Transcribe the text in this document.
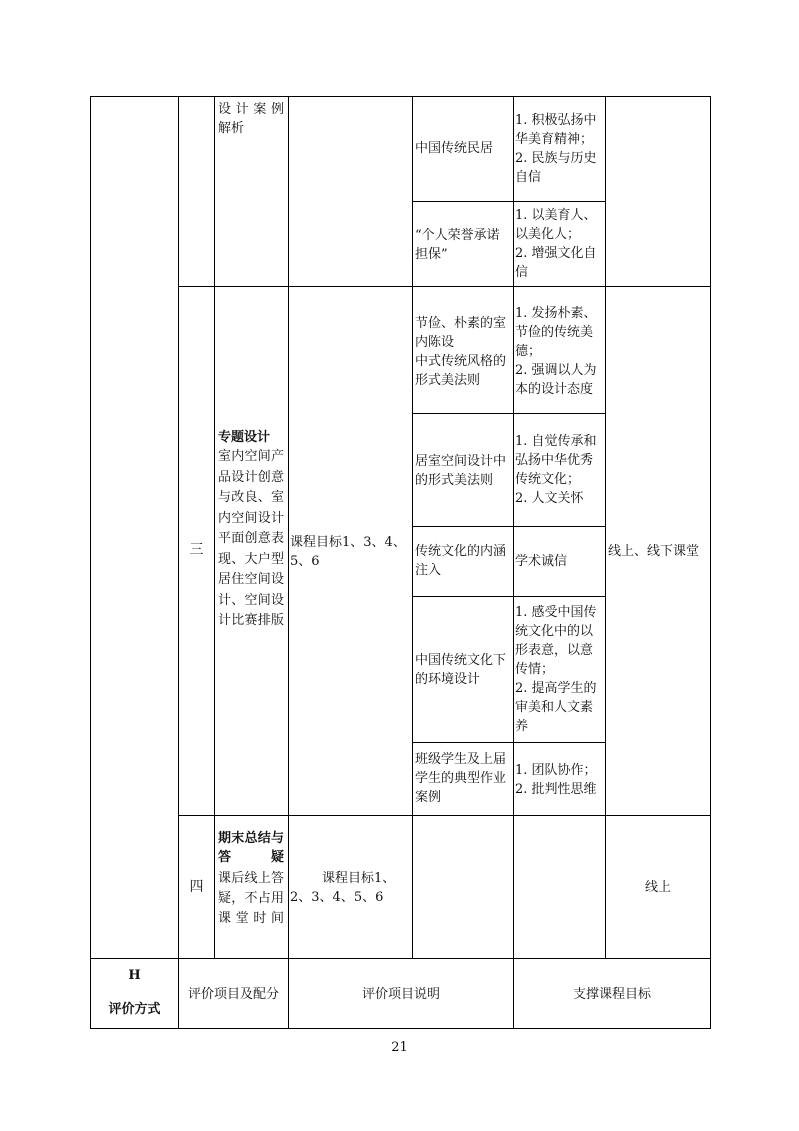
设计案例
解析
中国传统民居
1. 积极弘扬中华美育精神；
2. 民族与历史自信
“个人荣誉承诺担保”
1. 以美育人、以美化人；
2. 增强文化自信
三
专题设计
室内空间产品设计创意与改良、室内空间设计平面创意表现、大户型居住空间设计、空间设计比赛排版
课程目标1、3、4、5、6
线上、线下课堂
节俭、朴素的室内陈设
中式传统风格的形式美法则
1. 发扬朴素、节俭的传统美德；
2. 强调以人为本的设计态度
居室空间设计中的形式美法则
1. 自觉传承和弘扬中华优秀传统文化；
2. 人文关怀
传统文化的内涵注入
学术诚信
中国传统文化下的环境设计
1. 感受中国传统文化中的以形表意，以意传情；
2. 提高学生的审美和人文素养
班级学生及上届学生的典型作业案例
1. 团队协作；
2. 批判性思维
四
期末总结与答疑
课后线上答疑，不占用课堂时间
课程目标1、2、3、4、5、6
线上
H
评价方式
评价项目及配分	评价项目说明	支撑课程目标
21
